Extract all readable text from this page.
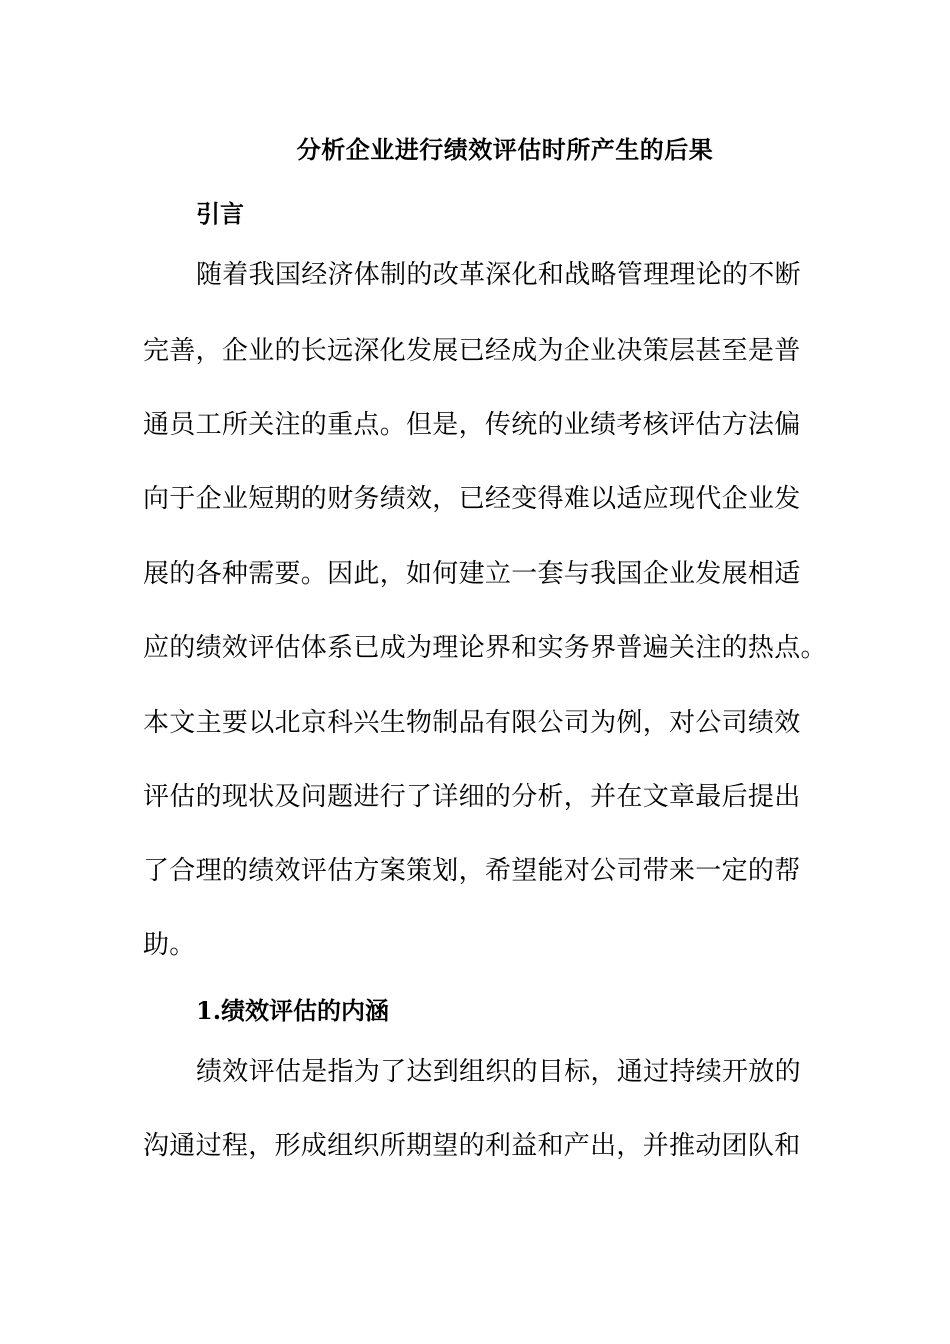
分析企业进行绩效评估时所产生的后果
引言
随着我国经济体制的改革深化和战略管理理论的不断
完善，企业的长远深化发展已经成为企业决策层甚至是普
通员工所关注的重点。但是，传统的业绩考核评估方法偏
向于企业短期的财务绩效，已经变得难以适应现代企业发
展的各种需要。因此，如何建立一套与我国企业发展相适
应的绩效评估体系已成为理论界和实务界普遍关注的热点。
本文主要以北京科兴生物制品有限公司为例，对公司绩效
评估的现状及问题进行了详细的分析，并在文章最后提出
了合理的绩效评估方案策划，希望能对公司带来一定的帮
助。
1.绩效评估的内涵
绩效评估是指为了达到组织的目标，通过持续开放的
沟通过程，形成组织所期望的利益和产出，并推动团队和
